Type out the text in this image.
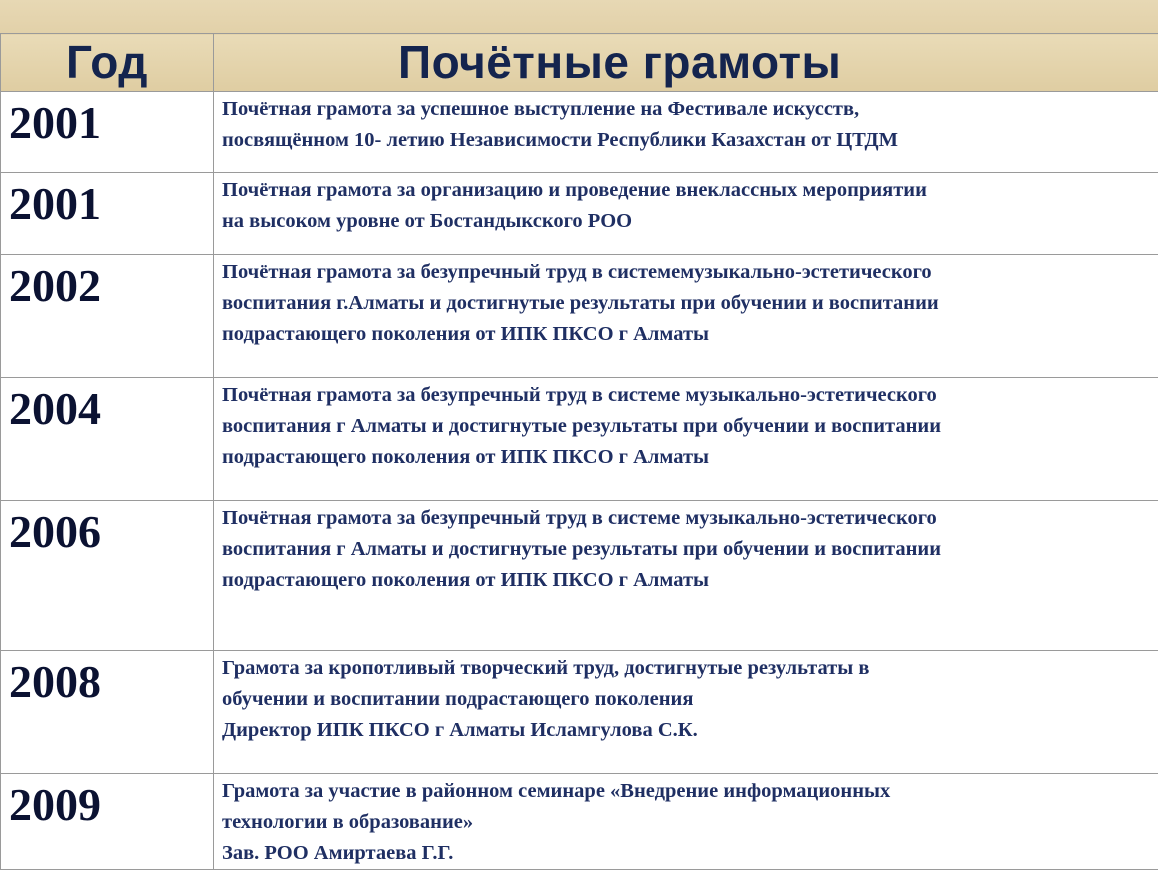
Год	Почётные грамоты
2001	Почётная грамота за успешное выступление на Фестивале искусств,
посвящённом 10- летию Независимости Республики Казахстан от ЦТДМ

2001	Почётная грамота за организацию и проведение внеклассных мероприятии
на высоком уровне от Бостандыкского РОО

2002	Почётная грамота за безупречный труд в системемузыкально-эстетического
воспитания г.Алматы и достигнутые результаты при обучении и воспитании
подрастающего поколения от ИПК ПКСО г Алматы

2004	Почётная грамота за безупречный труд в системе музыкально-эстетического
воспитания г Алматы и достигнутые результаты при обучении и воспитании
подрастающего поколения от ИПК ПКСО г Алматы

2006	Почётная грамота за безупречный труд в системе музыкально-эстетического
воспитания г Алматы и достигнутые результаты при обучении и воспитании
подрастающего поколения от ИПК ПКСО г Алматы

2008	Грамота за кропотливый творческий труд, достигнутые результаты в
обучении и воспитании подрастающего поколения
Директор ИПК ПКСО г Алматы Исламгулова С.К.

2009	Грамота за участие в районном семинаре «Внедрение информационных
технологии в образование»
Зав. РОО Амиртаева Г.Г.
